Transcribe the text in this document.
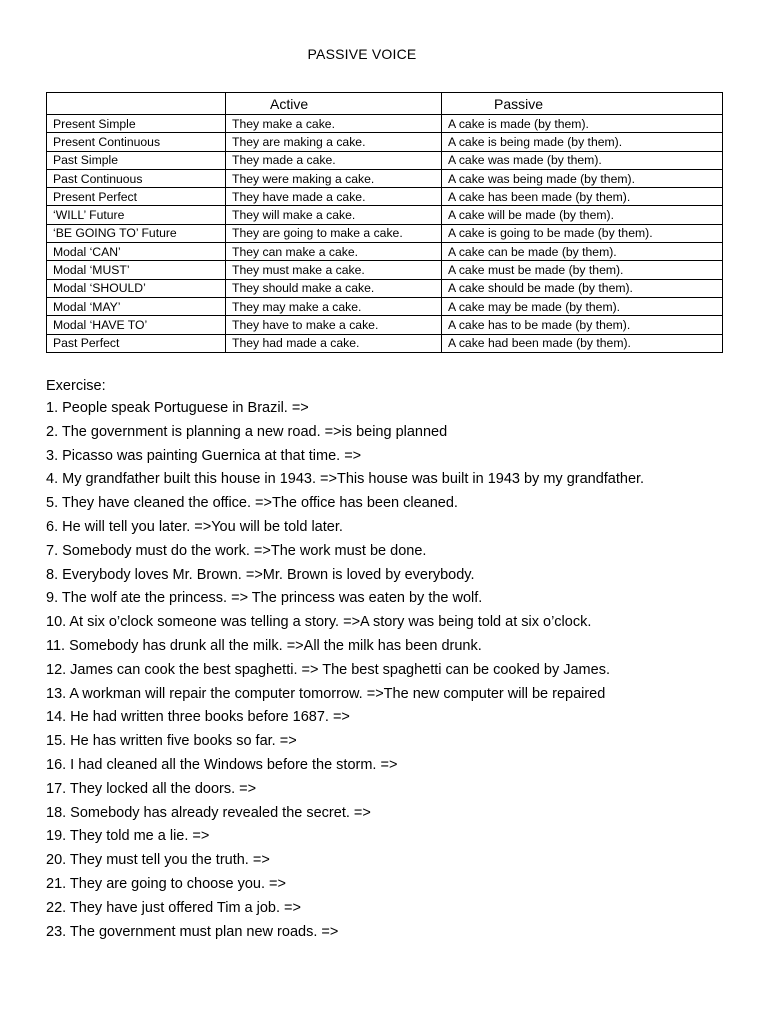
PASSIVE VOICE
	Active	Passive
Present Simple	They make a cake.	A cake is made (by them).
Present Continuous	They are making a cake.	A cake is being made (by them).
Past Simple	They made a cake.	A cake was made (by them).
Past Continuous	They were making a cake.	A cake was being made (by them).
Present Perfect	They have made a cake.	A cake has been made (by them).
‘WILL’ Future	They will make a cake.	A cake will be made (by them).
‘BE GOING TO’ Future	They are going to make a cake.	A cake is going to be made (by them).
Modal ‘CAN’	They can make a cake.	A cake can be made (by them).
Modal ‘MUST’	They must make a cake.	A cake must be made (by them).
Modal ‘SHOULD’	They should make a cake.	A cake should be made (by them).
Modal ‘MAY’	They may make a cake.	A cake may be made (by them).
Modal ‘HAVE TO’	They have to make a cake.	A cake has to be made (by them).
Past Perfect	They had made a cake.	A cake had been made (by them).
Exercise:
1. People speak Portuguese in Brazil. =>
2. The government is planning a new road. =>is being planned
3. Picasso was painting Guernica at that time. =>
4. My grandfather built this house in 1943. =>This house was built in 1943 by my grandfather.
5. They have cleaned the office. =>The office has been cleaned.
6. He will tell you later. =>You will be told later.
7. Somebody must do the work. =>The work must be done.
8. Everybody loves Mr. Brown. =>Mr. Brown is loved by everybody.
9. The wolf ate the princess. => The princess was eaten by the wolf.
10. At six o’clock someone was telling a story. =>A story was being told at six o’clock.
11. Somebody has drunk all the milk. =>All the milk has been drunk.
12. James can cook the best spaghetti. => The best spaghetti can be cooked by James.
13. A workman will repair the computer tomorrow. =>The new computer will be repaired
14. He had written three books before 1687. =>
15. He has written five books so far. =>
16. I had cleaned all the Windows before the storm. =>
17. They locked all the doors. =>
18. Somebody has already revealed the secret. =>
19. They told me a lie. =>
20. They must tell you the truth. =>
21. They are going to choose you. =>
22. They have just offered Tim a job. =>
23. The government must plan new roads. =>
